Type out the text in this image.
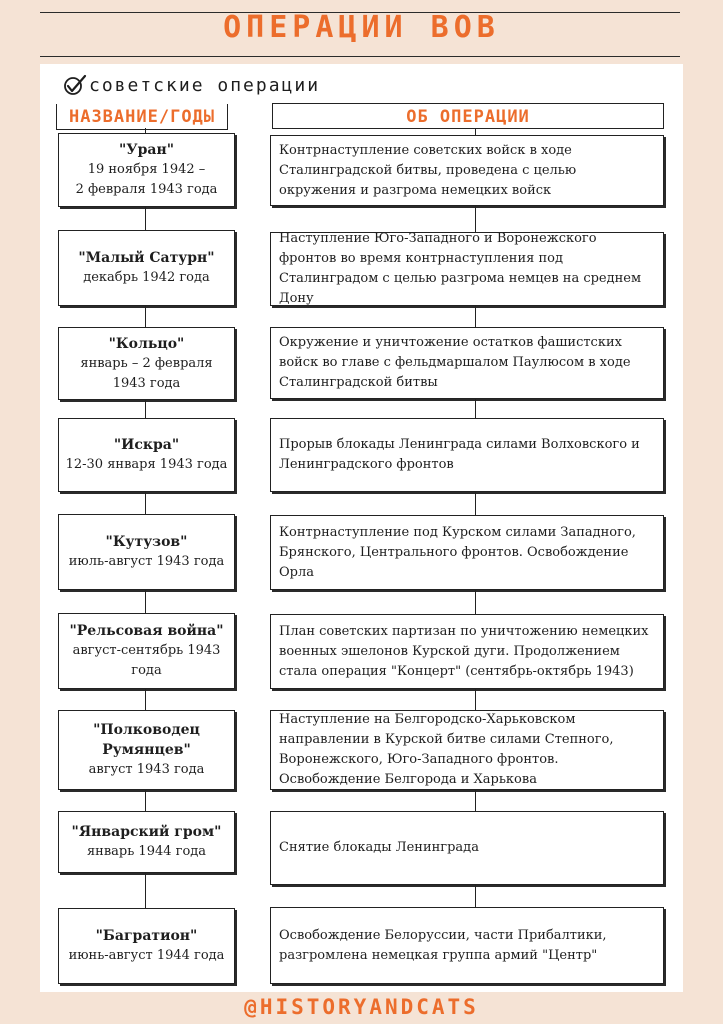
ОПЕРАЦИИ ВОВ
советские операции
НАЗВАНИЕ/ГОДЫ	ОБ ОПЕРАЦИИ
"Уран"
19 ноября 1942 –
2 февраля 1943 года
Контрнаступление советских войск в ходе Сталинградской битвы, проведена с целью окружения и разгрома немецких войск
"Малый Сатурн"
декабрь 1942 года
Наступление Юго-Западного и Воронежского фронтов во время контрнаступления под Сталинградом с целью разгрома немцев на среднем Дону
"Кольцо"
январь – 2 февраля
1943 года
Окружение и уничтожение остатков фашистских войск во главе с фельдмаршалом Паулюсом в ходе Сталинградской битвы
"Искра"
12-30 января 1943 года
Прорыв блокады Ленинграда силами Волховского и Ленинградского фронтов
"Кутузов"
июль-август 1943 года
Контрнаступление под Курском силами Западного, Брянского, Центрального фронтов. Освобождение Орла
"Рельсовая война"
август-сентябрь 1943
года
План советских партизан по уничтожению немецких военных эшелонов Курской дуги. Продолжением стала операция "Концерт" (сентябрь-октябрь 1943)
"Полководец
Румянцев"
август 1943 года
Наступление на Белгородско-Харьковском направлении в Курской битве силами Степного, Воронежского, Юго-Западного фронтов. Освобождение Белгорода и Харькова
"Январский гром"
январь 1944 года	Снятие блокады Ленинграда
"Багратион"
июнь-август 1944 года
Освобождение Белоруссии, части Прибалтики, разгромлена немецкая группа армий "Центр"
@HISTORYANDCATS
